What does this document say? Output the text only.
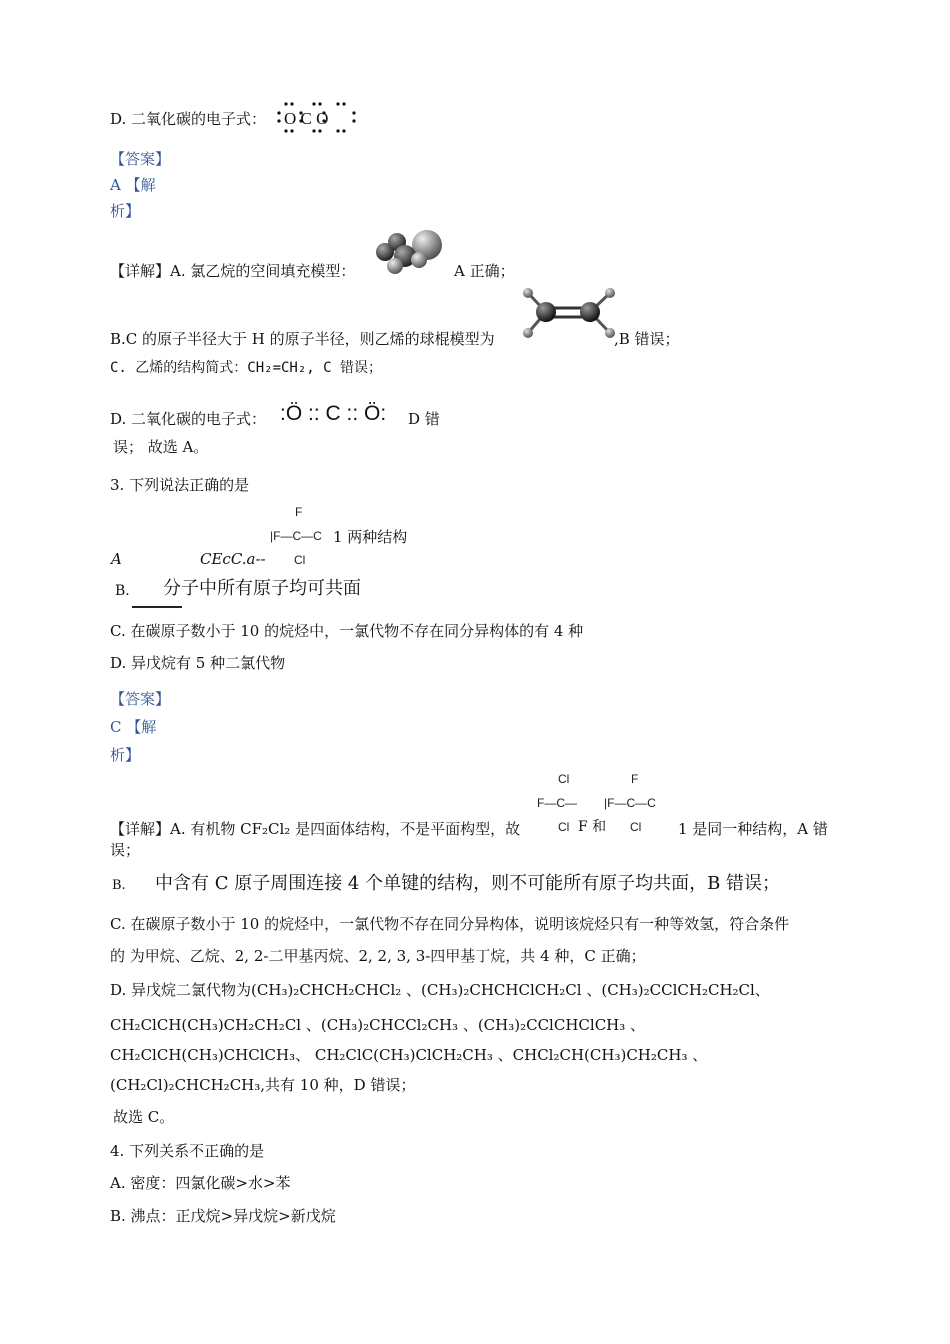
D. 二氧化碳的电子式： O C O
【答案】
A 【解
析】
【详解】A. 氯乙烷的空间填充模型：	A 正确；
B.C 的原子半径大于 H 的原子半径，则乙烯的球棍模型为	,B 错误；
C. 乙烯的结构简式：CH₂=CH₂, C 错误；
D. 二氧化碳的电子式： :Ö :: C :: Ö: D 错
误； 故选 A。
3. 下列说法正确的是
A	CEcC.a--
F
|F—C—C
Cl
1 两种结构
B. 分子中所有原子均可共面
C. 在碳原子数小于 10 的烷烃中，一氯代物不存在同分异构体的有 4 种
D. 异戊烷有 5 种二氯代物
【答案】
C 【解
析】
Cl
F—C—
Cl F 和
F
|F—C—C
Cl
【详解】A. 有机物 CF₂Cl₂ 是四面体结构，不是平面构型，故	1 是同一种结构，A 错
误；
B. 中含有 C 原子周围连接 4 个单键的结构，则不可能所有原子均共面，B 错误；
C. 在碳原子数小于 10 的烷烃中，一氯代物不存在同分异构体，说明该烷烃只有一种等效氢，符合条件
的 为甲烷、乙烷、2, 2-二甲基丙烷、2, 2, 3, 3-四甲基丁烷，共 4 种，C 正确；
D. 异戊烷二氯代物为(CH₃)₂CHCH₂CHCl₂ 、(CH₃)₂CHCHClCH₂Cl 、(CH₃)₂CClCH₂CH₂Cl、
CH₂ClCH(CH₃)CH₂CH₂Cl 、(CH₃)₂CHCCl₂CH₃ 、(CH₃)₂CClCHClCH₃ 、
CH₂ClCH(CH₃)CHClCH₃、 CH₂ClC(CH₃)ClCH₂CH₃ 、CHCl₂CH(CH₃)CH₂CH₃ 、
(CH₂Cl)₂CHCH₂CH₃,共有 10 种，D 错误；
故选 C。
4. 下列关系不正确的是
A. 密度：四氯化碳>水>苯
B. 沸点：正戊烷>异戊烷>新戊烷
